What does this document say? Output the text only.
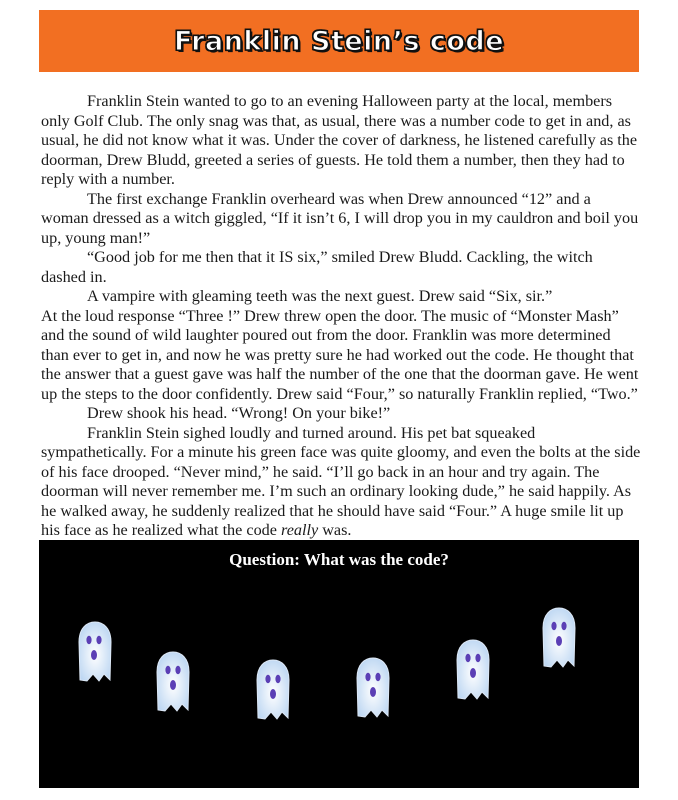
Franklin Stein’s code

Franklin Stein wanted to go to an evening Halloween party at the local, members only Golf Club. The only snag was that, as usual, there was a number code to get in and, as usual, he did not know what it was. Under the cover of darkness, he listened carefully as the doorman, Drew Bludd, greeted a series of guests. He told them a number, then they had to reply with a number.

The first exchange Franklin overheard was when Drew announced “12” and a woman dressed as a witch giggled, “If it isn’t 6, I will drop you in my cauldron and boil you up, young man!”

“Good job for me then that it IS six,” smiled Drew Bludd. Cackling, the witch dashed in.

A vampire with gleaming teeth was the next guest. Drew said “Six, sir.”

At the loud response “Three !” Drew threw open the door. The music of “Monster Mash” and the sound of wild laughter poured out from the door. Franklin was more determined than ever to get in, and now he was pretty sure he had worked out the code. He thought that the answer that a guest gave was half the number of the one that the doorman gave. He went up the steps to the door confidently. Drew said “Four,” so naturally Franklin replied, “Two.”

Drew shook his head. “Wrong! On your bike!”

Franklin Stein sighed loudly and turned around. His pet bat squeaked sympathetically. For a minute his green face was quite gloomy, and even the bolts at the side of his face drooped. “Never mind,” he said. “I’ll go back in an hour and try again. The doorman will never remember me. I’m such an ordinary looking dude,” he said happily. As he walked away, he suddenly realized that he should have said “Four.” A huge smile lit up his face as he realized what the code really was.

Question: What was the code?
